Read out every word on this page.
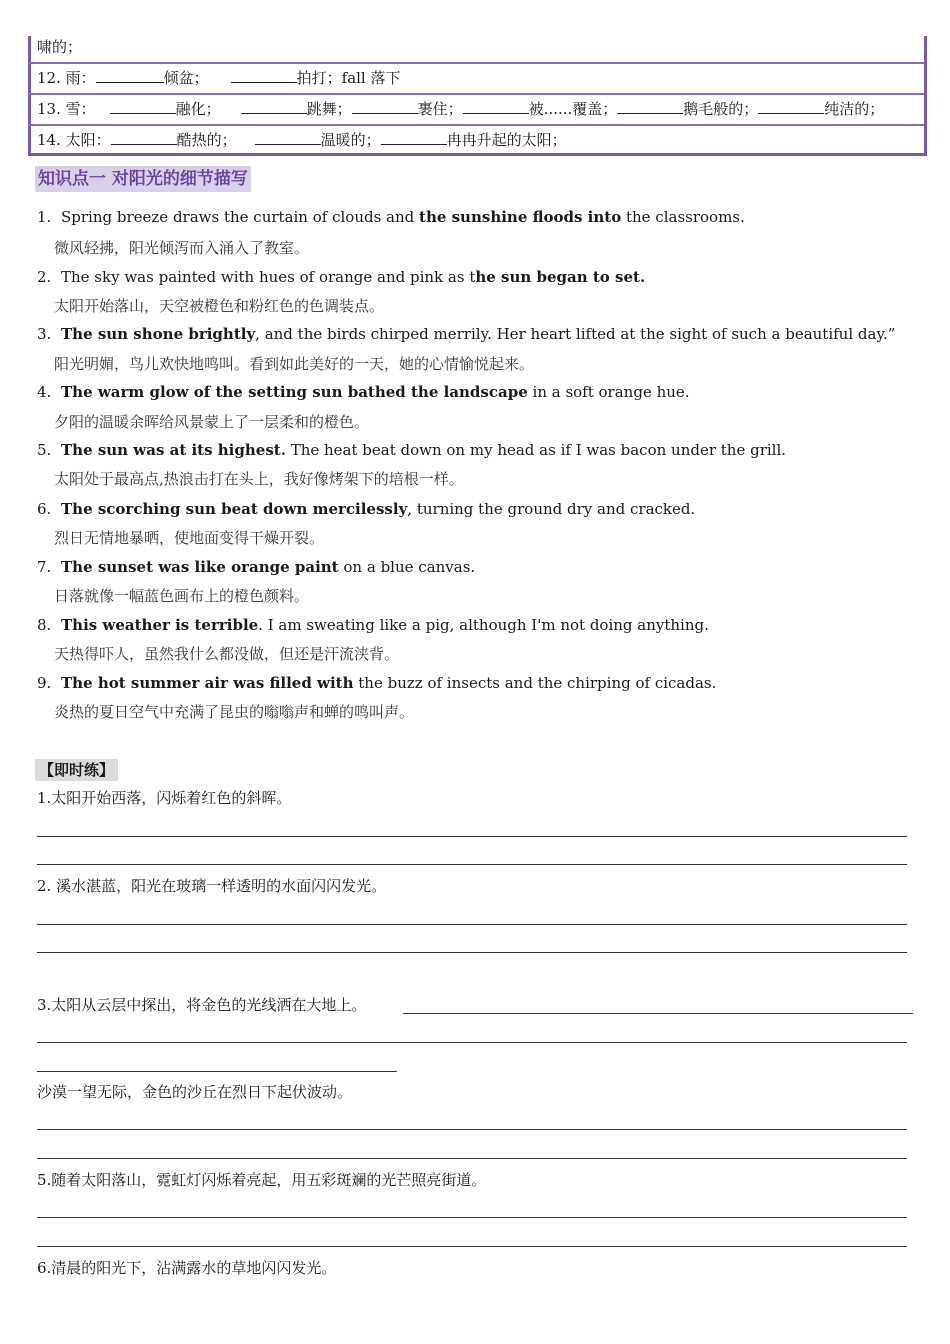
啸的；
12. 雨：	倾盆；	拍打；fall 落下
13. 雪：	融化；	跳舞；	裹住；	被......覆盖；	鹅毛般的；	纯洁的；
14. 太阳：	酷热的；	温暖的；	冉冉升起的太阳；
知识点一 对阳光的细节描写
1. Spring breeze draws the curtain of clouds and the sunshine floods into the classrooms.
微风轻拂，阳光倾泻而入涌入了教室。
2. The sky was painted with hues of orange and pink as the sun began to set.
太阳开始落山，天空被橙色和粉红色的色调装点。
3. The sun shone brightly, and the birds chirped merrily. Her heart lifted at the sight of such a beautiful day.”
阳光明媚，鸟儿欢快地鸣叫。看到如此美好的一天，她的心情愉悦起来。
4. The warm glow of the setting sun bathed the landscape in a soft orange hue.
夕阳的温暖余晖给风景蒙上了一层柔和的橙色。
5. The sun was at its highest. The heat beat down on my head as if I was bacon under the grill.
太阳处于最高点,热浪击打在头上，我好像烤架下的培根一样。
6. The scorching sun beat down mercilessly, turning the ground dry and cracked.
烈日无情地暴晒，使地面变得干燥开裂。
7. The sunset was like orange paint on a blue canvas.
日落就像一幅蓝色画布上的橙色颜料。
8. This weather is terrible. I am sweating like a pig, although I'm not doing anything.
天热得吓人，虽然我什么都没做，但还是汗流浃背。
9. The hot summer air was filled with the buzz of insects and the chirping of cicadas.
炎热的夏日空气中充满了昆虫的嗡嗡声和蝉的鸣叫声。
【即时练】
1.太阳开始西落，闪烁着红色的斜晖。
2. 溪水湛蓝，阳光在玻璃一样透明的水面闪闪发光。
3.太阳从云层中探出，将金色的光线洒在大地上。
沙漠一望无际，金色的沙丘在烈日下起伏波动。
5.随着太阳落山，霓虹灯闪烁着亮起，用五彩斑斓的光芒照亮街道。
6.清晨的阳光下，沾满露水的草地闪闪发光。
